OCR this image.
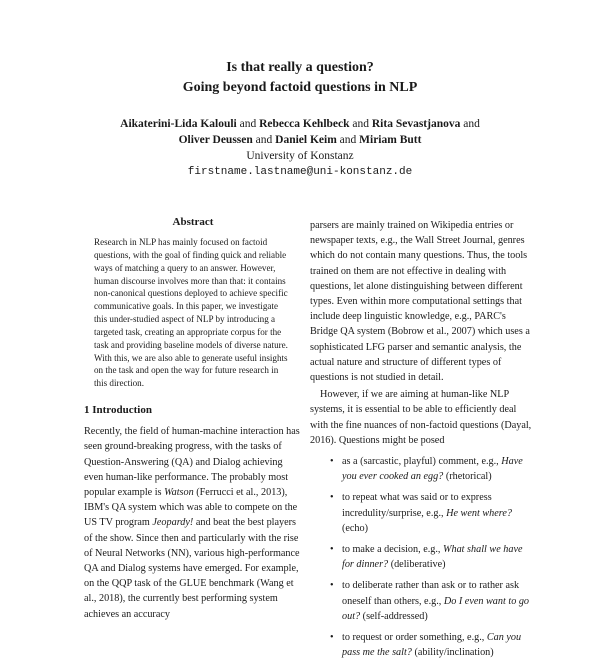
Is that really a question?
Going beyond factoid questions in NLP
Aikaterini-Lida Kalouli and Rebecca Kehlbeck and Rita Sevastjanova and
Oliver Deussen and Daniel Keim and Miriam Butt
University of Konstanz
firstname.lastname@uni-konstanz.de
Abstract
Research in NLP has mainly focused on factoid questions, with the goal of finding quick and reliable ways of matching a query to an answer. However, human discourse involves more than that: it contains non-canonical questions deployed to achieve specific communicative goals. In this paper, we investigate this under-studied aspect of NLP by introducing a targeted task, creating an appropriate corpus for the task and providing baseline models of diverse nature. With this, we are also able to generate useful insights on the task and open the way for future research in this direction.
1 Introduction
Recently, the field of human-machine interaction has seen ground-breaking progress, with the tasks of Question-Answering (QA) and Dialog achieving even human-like performance. The probably most popular example is Watson (Ferrucci et al., 2013), IBM's QA system which was able to compete on the US TV program Jeopardy! and beat the best players of the show. Since then and particularly with the rise of Neural Networks (NN), various high-performance QA and Dialog systems have emerged. For example, on the QQP task of the GLUE benchmark (Wang et al., 2018), the currently best performing system achieves an accuracy
parsers are mainly trained on Wikipedia entries or newspaper texts, e.g., the Wall Street Journal, genres which do not contain many questions. Thus, the tools trained on them are not effective in dealing with questions, let alone distinguishing between different types. Even within more computational settings that include deep linguistic knowledge, e.g., PARC's Bridge QA system (Bobrow et al., 2007) which uses a sophisticated LFG parser and semantic analysis, the actual nature and structure of different types of questions is not studied in detail.
However, if we are aiming at human-like NLP systems, it is essential to be able to efficiently deal with the fine nuances of non-factoid questions (Dayal, 2016). Questions might be posed
• as a (sarcastic, playful) comment, e.g., Have you ever cooked an egg? (rhetorical)
• to repeat what was said or to express incredulity/surprise, e.g., He went where? (echo)
• to make a decision, e.g., What shall we have for dinner? (deliberative)
• to deliberate rather than ask or to rather ask oneself than others, e.g., Do I even want to go out? (self-addressed)
• to request or order something, e.g., Can you pass me the salt? (ability/inclination)
